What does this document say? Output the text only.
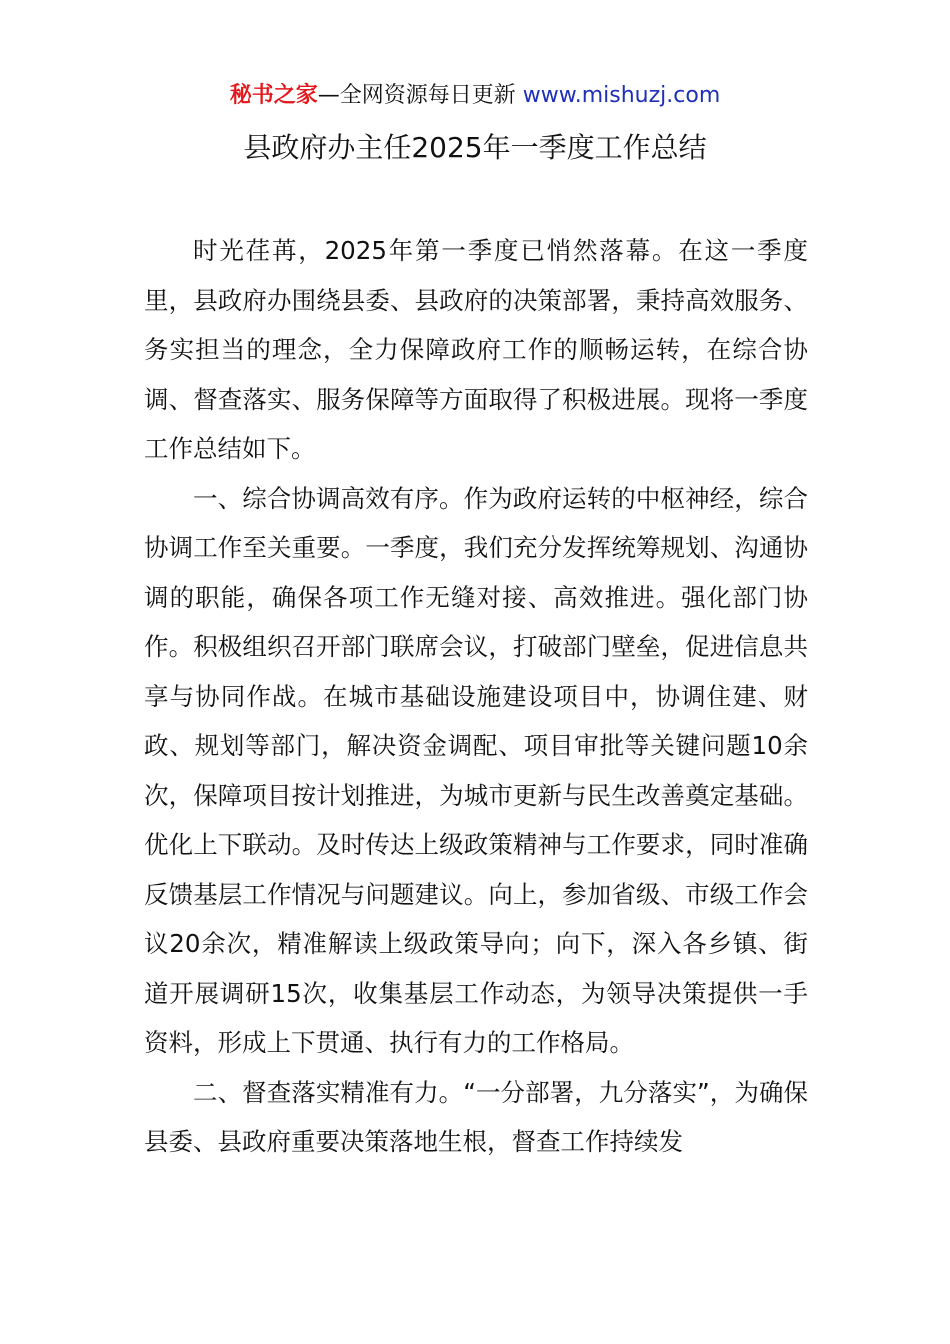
秘书之家—全网资源每日更新 www.mishuzj.com
县政府办主任2025年一季度工作总结

时光荏苒，2025年第一季度已悄然落幕。在这一季度里，县政府办围绕县委、县政府的决策部署，秉持高效服务、务实担当的理念，全力保障政府工作的顺畅运转，在综合协调、督查落实、服务保障等方面取得了积极进展。现将一季度工作总结如下。

一、综合协调高效有序。作为政府运转的中枢神经，综合协调工作至关重要。一季度，我们充分发挥统筹规划、沟通协调的职能，确保各项工作无缝对接、高效推进。强化部门协作。积极组织召开部门联席会议，打破部门壁垒，促进信息共享与协同作战。在城市基础设施建设项目中，协调住建、财政、规划等部门，解决资金调配、项目审批等关键问题10余次，保障项目按计划推进，为城市更新与民生改善奠定基础。优化上下联动。及时传达上级政策精神与工作要求，同时准确反馈基层工作情况与问题建议。向上，参加省级、市级工作会议20余次，精准解读上级政策导向；向下，深入各乡镇、街道开展调研15次，收集基层工作动态，为领导决策提供一手资料，形成上下贯通、执行有力的工作格局。

二、督查落实精准有力。“一分部署，九分落实”，为确保县委、县政府重要决策落地生根，督查工作持续发
